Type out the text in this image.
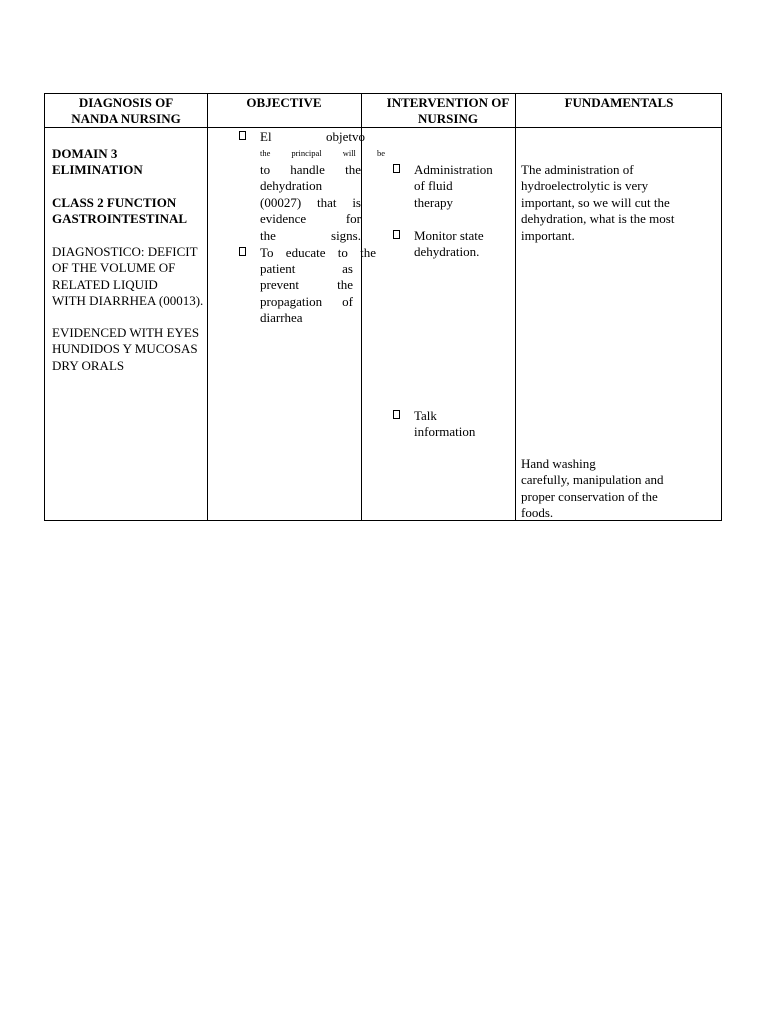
DIAGNOSIS OF
NANDA NURSING
OBJECTIVE	INTERVENTION OF
NURSING
FUNDAMENTALS
DOMAIN 3
ELIMINATION
CLASS 2 FUNCTION
GASTROINTESTINAL
DIAGNOSTICO: DEFICIT
OF THE VOLUME OF
RELATED LIQUID
WITH DIARRHEA (00013).
EVIDENCED WITH EYES
HUNDIDOS Y MUCOSAS
DRY ORALS
El objetvo
the principal will be
to handle the
dehydration
(00027) that is
evidence for
the signs.
To educate to the
patient as
prevent the
propagation of
diarrhea
Administration
of fluid
therapy
Monitor state
dehydration.
Talk
information
The administration of
hydroelectrolytic is very
important, so we will cut the
dehydration, what is the most
important.
Hand washing
carefully, manipulation and
proper conservation of the
foods.
